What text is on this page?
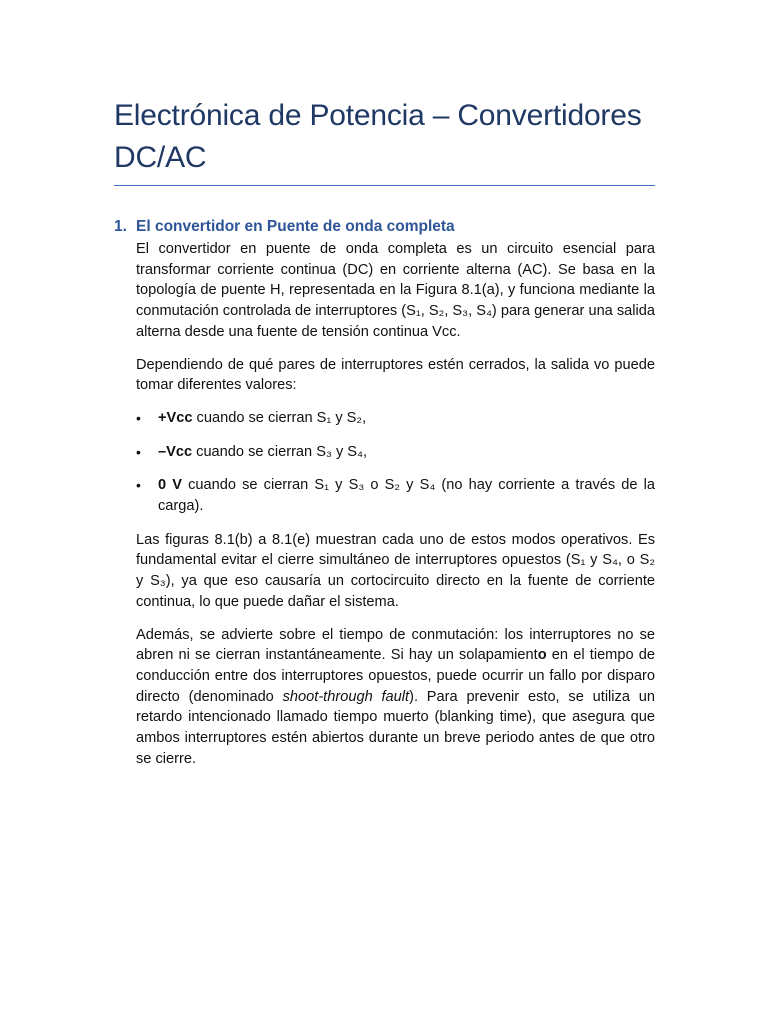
Electrónica de Potencia – Convertidores DC/AC
1. El convertidor en Puente de onda completa

El convertidor en puente de onda completa es un circuito esencial para transformar corriente continua (DC) en corriente alterna (AC). Se basa en la topología de puente H, representada en la Figura 8.1(a), y funciona mediante la conmutación controlada de interruptores (S₁, S₂, S₃, S₄) para generar una salida alterna desde una fuente de tensión continua Vcc.

Dependiendo de qué pares de interruptores estén cerrados, la salida vo puede tomar diferentes valores:

•	+Vcc cuando se cierran S₁ y S₂,
•	–Vcc cuando se cierran S₃ y S₄,
•	0 V cuando se cierran S₁ y S₃ o S₂ y S₄ (no hay corriente a través de la carga).

Las figuras 8.1(b) a 8.1(e) muestran cada uno de estos modos operativos. Es fundamental evitar el cierre simultáneo de interruptores opuestos (S₁ y S₄, o S₂ y S₃), ya que eso causaría un cortocircuito directo en la fuente de corriente continua, lo que puede dañar el sistema.

Además, se advierte sobre el tiempo de conmutación: los interruptores no se abren ni se cierran instantáneamente. Si hay un solapamiento en el tiempo de conducción entre dos interruptores opuestos, puede ocurrir un fallo por disparo directo (denominado shoot-through fault). Para prevenir esto, se utiliza un retardo intencionado llamado tiempo muerto (blanking time), que asegura que ambos interruptores estén abiertos durante un breve periodo antes de que otro se cierre.
